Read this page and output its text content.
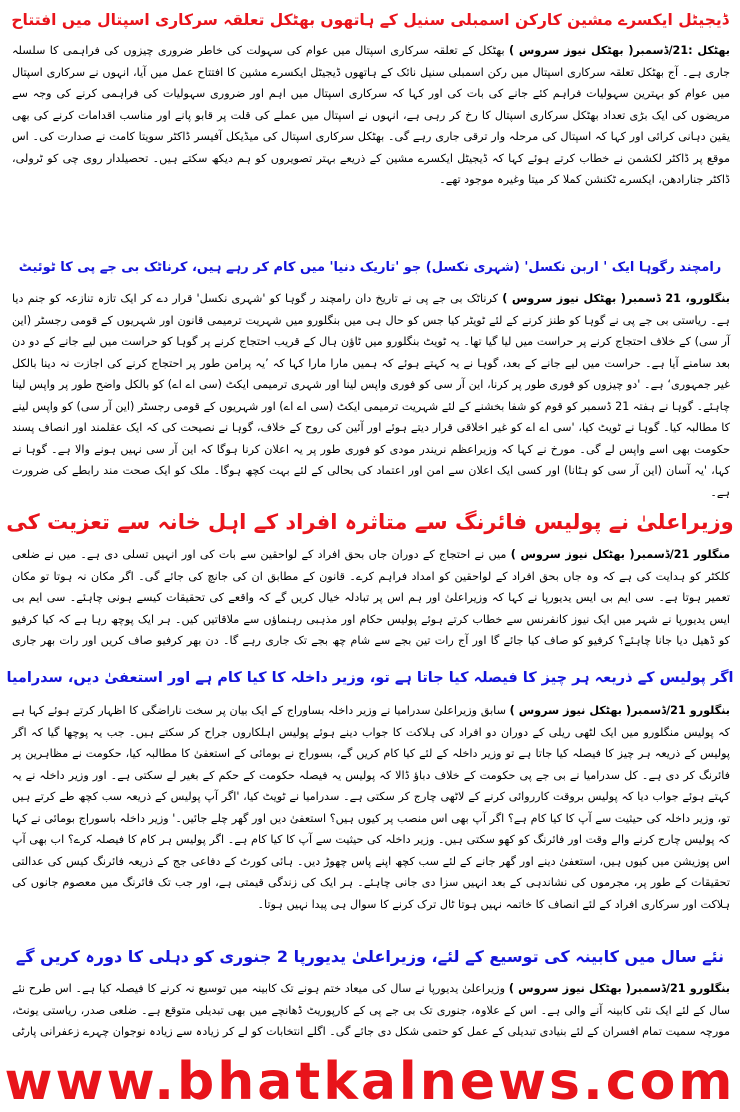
ڈیجیٹل ایکسرے مشین کارکن اسمبلی سنیل کے ہاتھوں بھٹکل تعلقہ سرکاری اسپتال میں افتتاح

بھٹکل :21/ڈسمبر( بھٹکل نیوز سروس ) بھٹکل کے تعلقہ سرکاری اسپتال میں عوام کی سہولت کی خاطر ضروری چیزوں کی فراہمی کا سلسلہ جاری ہے۔ آج بھٹکل تعلقہ سرکاری اسپتال میں رکن اسمبلی سنیل نائک کے ہاتھوں ڈیجیٹل ایکسرے مشین کا افتتاح عمل میں آیا، انہوں نے سرکاری اسپتال میں عوام کو بہترین سہولیات فراہم کئے جانے کی بات کی اور کہا کہ سرکاری اسپتال میں اہم اور ضروری سہولیات کی فراہمی کرنے کی وجہ سے مریضوں کی ایک بڑی تعداد بھٹکل سرکاری اسپتال کا رخ کر رہی ہے، انہوں نے اسپتال میں عملے کی قلت پر قابو پانے اور مناسب اقدامات کرنے کی بھی یقین دہانی کرائی اور کہا کہ اسپتال کی مرحلہ وار ترقی جاری رہے گی۔ بھٹکل سرکاری اسپتال کی میڈیکل آفیسر ڈاکٹر سویتا کامت نے صدارت کی۔ اس موقع پر ڈاکٹر لکشمن نے خطاب کرتے ہوئے کہا کہ ڈیجیٹل ایکسرے مشین کے ذریعے بہتر تصویروں کو ہم دیکھ سکتے ہیں۔ تحصیلدار روی چی کو ٹرولی، ڈاکٹر جنارادھن، ایکسرے ٹکنشن کملا کر میتا وغیرہ موجود تھے۔

رامچند رگوہا ایک ' اربن نکسل' (شہری نکسل) جو 'تاریک دنیا' میں کام کر رہے ہیں، کرناٹک بی جے پی کا ٹوئیٹ

بنگلورو، 21 ڈسمبر( بھٹکل نیوز سروس ) کرناٹک بی جے پی نے تاریخ دان رامچند ر گوہا کو 'شہری نکسل' قرار دے کر ایک تازہ تنازعہ کو جنم دیا ہے۔ ریاستی بی جے پی نے گوہا کو طنز کرنے کے لئے ٹویٹر کیا جس کو حال ہی میں بنگلورو میں شہریت ترمیمی قانون اور شہریوں کے قومی رجسٹر (این آر سی) کے خلاف احتجاج کرنے پر حراست میں لیا گیا تھا۔ یہ ٹویٹ بنگلورو میں ٹاؤن ہال کے قریب احتجاج کرنے پر گوہا کو حراست میں لیے جانے کے دو دن بعد سامنے آیا ہے۔ حراست میں لیے جانے کے بعد، گوہا نے یہ کہتے ہوئے کہ ہمیں مارا مارا کہا کہ ’یہ پرامن طور پر احتجاج کرنے کی اجازت نہ دینا بالکل غیر جمہوری‘ ہے۔ 'دو چیزوں کو فوری طور پر کرنا، این آر سی کو فوری واپس لینا اور شہری ترمیمی ایکٹ (سی اے اے) کو بالکل واضح طور پر واپس لینا چاہئے۔ گوہا نے ہفتہ 21 ڈسمبر کو قوم کو شفا بخشنے کے لئے شہریت ترمیمی ایکٹ (سی اے اے) اور شہریوں کے قومی رجسٹر (این آر سی) کو واپس لینے کا مطالبہ کیا۔ گوہا نے ٹویٹ کیا، 'سی اے اے کو غیر اخلاقی قرار دیتے ہوئے اور آئین کی روح کے خلاف، گوہا نے نصیحت کی کہ ایک عقلمند اور انصاف پسند حکومت بھی اسے واپس لے گی۔ مورخ نے کہا کہ وزیراعظم نریندر مودی کو فوری طور پر یہ اعلان کرنا ہوگا کہ این آر سی نہیں ہونے والا ہے۔ گوہا نے کہا، 'یہ آسان (این آر سی کو ہٹانا) اور کسی ایک اعلان سے امن اور اعتماد کی بحالی کے لئے بہت کچھ ہوگا۔ ملک کو ایک صحت مند رابطے کی ضرورت ہے۔

وزیراعلیٰ نے پولیس فائرنگ سے متاثرہ افراد کے اہل خانہ سے تعزیت کی

منگلور 21/ڈسمبر( بھٹکل نیوز سروس ) میں نے احتجاج کے دوران جاں بحق افراد کے لواحقین سے بات کی اور انہیں تسلی دی ہے۔ میں نے ضلعی کلکٹر کو ہدایت کی ہے کہ وہ جاں بحق افراد کے لواحقین کو امداد فراہم کرے۔ قانون کے مطابق ان کی جانچ کی جائے گی۔ اگر مکان نہ ہوتا تو مکان تعمیر ہوتا ہے۔ سی ایم بی ایس یدیورپا نے کہا کہ وزیراعلیٰ اور ہم اس پر تبادلہ خیال کریں گے کہ واقعے کی تحقیقات کیسے ہونی چاہئے۔ سی ایم بی ایس یدیورپا نے شہر میں ایک نیوز کانفرنس سے خطاب کرتے ہوئے پولیس حکام اور مذہبی رہنماؤں سے ملاقاتیں کیں۔ ہر ایک پوچھ رہا ہے کہ کیا کرفیو کو ڈھیل دیا جانا چاہئے؟ کرفیو کو صاف کیا جائے گا اور آج رات تین بجے سے شام چھ بجے تک جاری رہے گا۔ دن بھر کرفیو صاف کریں اور رات بھر جاری

اگر پولیس کے ذریعہ ہر چیز کا فیصلہ کیا جاتا ہے تو، وزیر داخلہ کا کیا کام ہے اور استعفیٰ دیں، سدرامیا

بنگلورو 21/ڈسمبر( بھٹکل نیوز سروس ) سابق وزیراعلیٰ سدرامیا نے وزیر داخلہ بساوراج کے ایک بیان پر سخت ناراضگی کا اظہار کرتے ہوئے کہا ہے کہ پولیس منگلورو میں ایک لٹھی ریلی کے دوران دو افراد کی ہلاکت کا جواب دینے ہوئے پولیس اہلکاروں جراح کر سکتے ہیں۔ جب یہ پوچھا گیا کہ اگر پولیس کے ذریعہ ہر چیز کا فیصلہ کیا جاتا ہے تو وزیر داخلہ کے لئے کیا کام کریں گے، بسوراج نے بومائی کے استعفیٰ کا مطالبہ کیا، حکومت نے مظاہرین پر فائرنگ کر دی ہے۔ کل سدرامیا نے بی جے پی حکومت کے خلاف دباؤ ڈالا کہ پولیس یہ فیصلہ حکومت کے حکم کے بغیر لے سکتی ہے۔ اور وزیر داخلہ نے یہ کہتے ہوئے جواب دیا کہ پولیس بروقت کارروائی کرنے کے لاٹھی چارج کر سکتی ہے۔ سدرامیا نے ٹویٹ کیا، 'اگر آپ پولیس کے ذریعہ سب کچھ طے کرتے ہیں تو، وزیر داخلہ کی حیثیت سے آپ کا کیا کام ہے؟ اگر آپ بھی اس منصب پر کیوں ہیں؟ استعفیٰ دیں اور گھر چلے جائیں۔' وزیر داخلہ باسوراج بومائی نے کہا کہ پولیس چارج کرنے والے وقت اور فائرنگ کو کھو سکتی ہیں۔ وزیر داخلہ کی حیثیت سے آپ کا کیا کام ہے۔ اگر پولیس ہر کام کا فیصلہ کرے؟ اب بھی آپ اس پوزیشن میں کیوں ہیں، استعفیٰ دینے اور گھر جانے کے لئے سب کچھ اپنے پاس چھوڑ دیں۔ ہائی کورٹ کے دفاعی جج کے ذریعہ فائرنگ کیس کی عدالتی تحقیقات کے طور پر، مجرموں کی نشاندہی کے بعد انہیں سزا دی جانی چاہئے۔ ہر ایک کی زندگی قیمتی ہے، اور جب تک فائرنگ میں معصوم جانوں کی ہلاکت اور سرکاری افراد کے لئے انصاف کا خاتمہ نہیں ہوتا ٹال ترک کرنے کا سوال ہی پیدا نہیں ہوتا۔

نئے سال میں کابینہ کی توسیع کے لئے، وزیراعلیٰ یدیورپا 2 جنوری کو دہلی کا دورہ کریں گے

بنگلورو 21/ڈسمبر( بھٹکل نیوز سروس ) وزیراعلیٰ یدیورپا نے سال کی میعاد ختم ہونے تک کابینہ میں توسیع نہ کرنے کا فیصلہ کیا ہے۔ اس طرح نئے سال کے لئے ایک نئی کابینہ آنے والی ہے۔ اس کے علاوہ، جنوری تک بی جے پی کے کارپوریٹ ڈھانچے میں بھی تبدیلی متوقع ہے۔ ضلعی صدر، ریاستی یونٹ، مورچہ سمیت تمام افسران کے لئے بنیادی تبدیلی کے عمل کو حتمی شکل دی جائے گی۔ اگلے انتخابات کو لے کر زیادہ سے زیادہ نوجوان چہرے زعفرانی پارٹی

www.bhatkalnews.com
